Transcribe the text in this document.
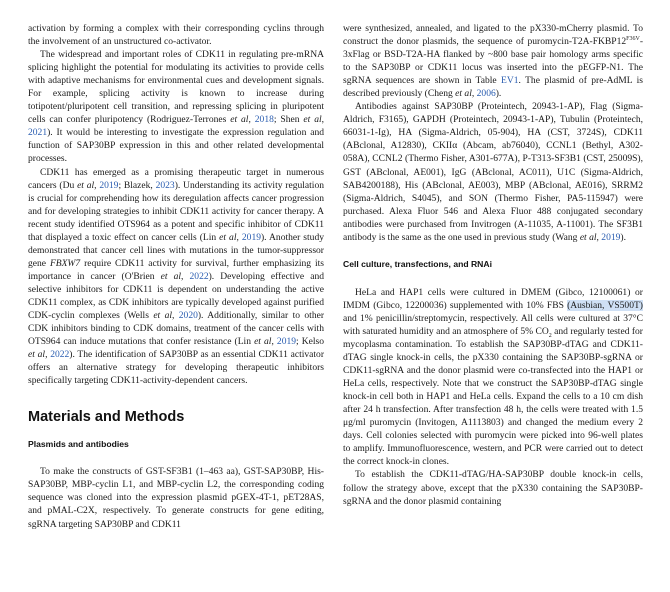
activation by forming a complex with their corresponding cyclins through the involvement of an unstructured co-activator.

The widespread and important roles of CDK11 in regulating pre-mRNA splicing highlight the potential for modulating its activities to provide cells with adaptive mechanisms for environmental cues and development signals. For example, splicing activity is known to increase during totipotent/pluripotent cell transition, and repressing splicing in pluripotent cells can confer pluripotency (Rodriguez-Terrones et al, 2018; Shen et al, 2021). It would be interesting to investigate the expression regulation and function of SAP30BP expression in this and other related developmental processes.

CDK11 has emerged as a promising therapeutic target in numerous cancers (Du et al, 2019; Blazek, 2023). Understanding its activity regulation is crucial for comprehending how its deregulation affects cancer progression and for developing strategies to inhibit CDK11 activity for cancer therapy. A recent study identified OTS964 as a potent and specific inhibitor of CDK11 that displayed a toxic effect on cancer cells (Lin et al, 2019). Another study demonstrated that cancer cell lines with mutations in the tumor-suppressor gene FBXW7 require CDK11 activity for survival, further emphasizing its importance in cancer (O'Brien et al, 2022). Developing effective and selective inhibitors for CDK11 is dependent on understanding the active CDK11 complex, as CDK inhibitors are typically developed against purified CDK-cyclin complexes (Wells et al, 2020). Additionally, similar to other CDK inhibitors binding to CDK domains, treatment of the cancer cells with OTS964 can induce mutations that confer resistance (Lin et al, 2019; Kelso et al, 2022). The identification of SAP30BP as an essential CDK11 activator offers an alternative strategy for developing therapeutic inhibitors specifically targeting CDK11-activity-dependent cancers.

Materials and Methods
Plasmids and antibodies

To make the constructs of GST-SF3B1 (1–463 aa), GST-SAP30BP, His-SAP30BP, MBP-cyclin L1, and MBP-cyclin L2, the corresponding coding sequence was cloned into the expression plasmid pGEX-4T-1, pET28AS, and pMAL-C2X, respectively. To generate constructs for gene editing, sgRNA targeting SAP30BP and CDK11

were synthesized, annealed, and ligated to the pX330-mCherry plasmid. To construct the donor plasmids, the sequence of puromycin-$T2A-FKBP12^{F36V}-3xFlag$ or BSD-T2A-HA flanked by ~800 base pair homology arms specific to the SAP30BP or CDK11 locus was inserted into the pEGFP-N1. The sgRNA sequences are shown in Table EV1. The plasmid of pre-AdML is described previously (Cheng et al, 2006).

Antibodies against SAP30BP (Proteintech, 20943-1-AP), Flag (Sigma-Aldrich, F3165), GAPDH (Proteintech, 20943-1-AP), Tubulin (Proteintech, 66031-1-Ig), HA (Sigma-Aldrich, 05-904), HA (CST, 3724S), CDK11 (ABclonal, A12830), CKIIα (Abcam, ab76040), CCNL1 (Bethyl, A302-058A), CCNL2 (Thermo Fisher, A301-677A), P-T313-SF3B1 (CST, 25009S), GST (ABclonal, AE001), IgG (ABclonal, AC011), U1C (Sigma-Aldrich, SAB4200188), His (ABclonal, AE003), MBP (ABclonal, AE016), SRRM2 (Sigma-Aldrich, S4045), and SON (Thermo Fisher, PA5-115947) were purchased. Alexa Fluor 546 and Alexa Fluor 488 conjugated secondary antibodies were purchased from Invitrogen (A-11035, A-11001). The SF3B1 antibody is the same as the one used in previous study (Wang et al, 2019).

Cell culture, transfections, and RNAi

HeLa and HAP1 cells were cultured in DMEM (Gibco, 12100061) or IMDM (Gibco, 12200036) supplemented with 10% FBS (Ausbian, VS500T) and 1% penicillin/streptomycin, respectively. All cells were cultured at 37°C with saturated humidity and an atmosphere of 5% $CO_2$ and regularly tested for mycoplasma contamination. To establish the SAP30BP-dTAG and CDK11-dTAG single knock-in cells, the pX330 containing the SAP30BP-sgRNA or CDK11-sgRNA and the donor plasmid were co-transfected into the HAP1 or HeLa cells, respectively. Note that we construct the SAP30BP-dTAG single knock-in cell both in HAP1 and HeLa cells. Expand the cells to a 10 cm dish after 24 h transfection. After transfection 48 h, the cells were treated with 1.5 μg/ml puromycin (Invitogen, A1113803) and changed the medium every 2 days. Cell colonies selected with puromycin were picked into 96-well plates to amplify. Immunofluorescence, western, and PCR were carried out to detect the correct knock-in clones.

To establish the CDK11-dTAG/HA-SAP30BP double knock-in cells, follow the strategy above, except that the pX330 containing the SAP30BP-sgRNA and the donor plasmid containing
